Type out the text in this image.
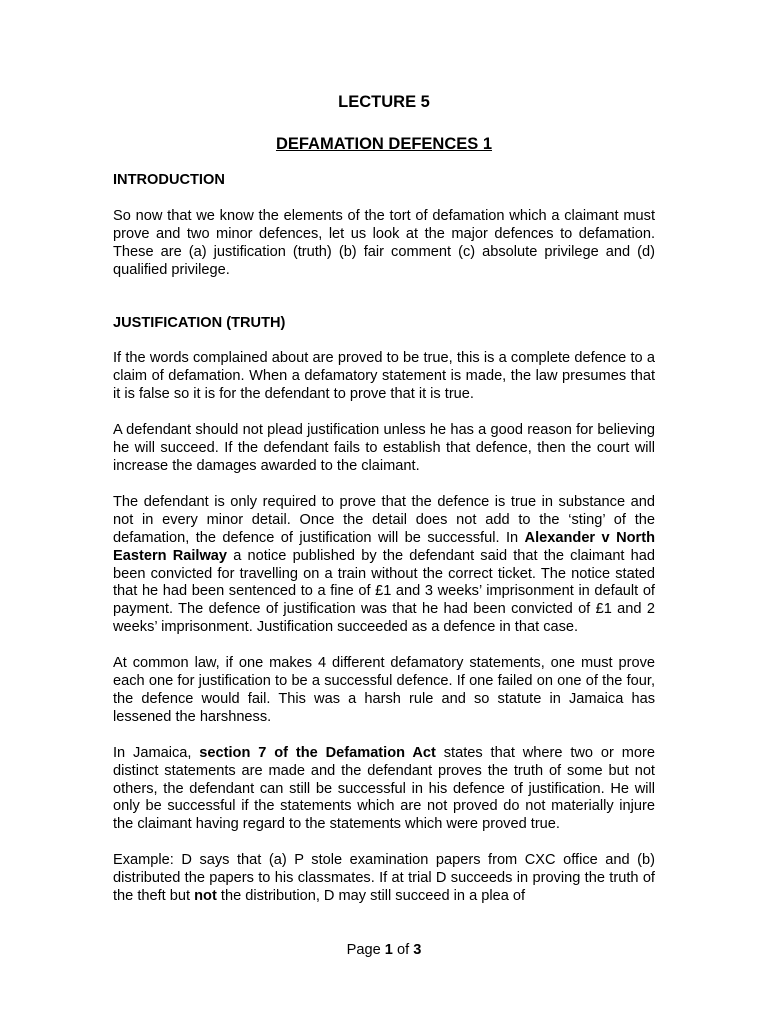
LECTURE 5
DEFAMATION DEFENCES 1
INTRODUCTION

So now that we know the elements of the tort of defamation which a claimant must prove and two minor defences, let us look at the major defences to defamation. These are (a) justification (truth) (b) fair comment (c) absolute privilege and (d) qualified privilege.

JUSTIFICATION (TRUTH)

If the words complained about are proved to be true, this is a complete defence to a claim of defamation. When a defamatory statement is made, the law presumes that it is false so it is for the defendant to prove that it is true.

A defendant should not plead justification unless he has a good reason for believing he will succeed. If the defendant fails to establish that defence, then the court will increase the damages awarded to the claimant.

The defendant is only required to prove that the defence is true in substance and not in every minor detail. Once the detail does not add to the ‘sting’ of the defamation, the defence of justification will be successful. In Alexander v North Eastern Railway a notice published by the defendant said that the claimant had been convicted for travelling on a train without the correct ticket. The notice stated that he had been sentenced to a fine of £1 and 3 weeks’ imprisonment in default of payment. The defence of justification was that he had been convicted of £1 and 2 weeks’ imprisonment. Justification succeeded as a defence in that case.

At common law, if one makes 4 different defamatory statements, one must prove each one for justification to be a successful defence. If one failed on one of the four, the defence would fail. This was a harsh rule and so statute in Jamaica has lessened the harshness.

In Jamaica, section 7 of the Defamation Act states that where two or more distinct statements are made and the defendant proves the truth of some but not others, the defendant can still be successful in his defence of justification. He will only be successful if the statements which are not proved do not materially injure the claimant having regard to the statements which were proved true.

Example: D says that (a) P stole examination papers from CXC office and (b) distributed the papers to his classmates. If at trial D succeeds in proving the truth of the theft but not the distribution, D may still succeed in a plea of

Page 1 of 3
